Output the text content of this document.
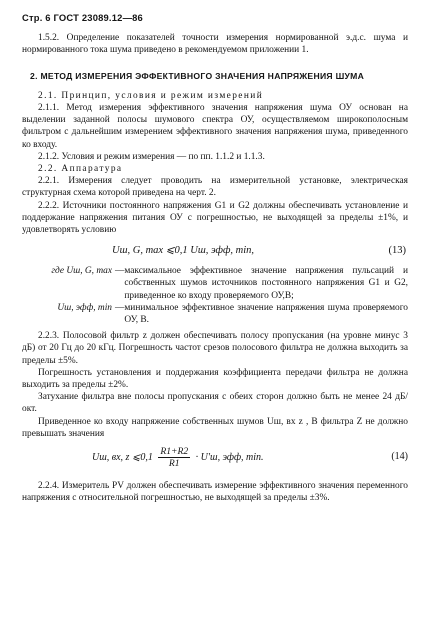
Стр. 6 ГОСТ 23089.12—86

1.5.2. Определение показателей точности измерения нормированной э.д.с. шума и нормированного тока шума приведено в рекомендуемом приложении 1.

2. МЕТОД ИЗМЕРЕНИЯ ЭФФЕКТИВНОГО ЗНАЧЕНИЯ НАПРЯЖЕНИЯ ШУМА

2.1. Принцип, условия и режим измерений

2.1.1. Метод измерения эффективного значения напряжения шума ОУ основан на выделении заданной полосы шумового спектра ОУ, осуществляемом широкополосным фильтром с дальнейшим измерением эффективного значения напряжения шума, приведенного ко входу.

2.1.2. Условия и режим измерения — по пп. 1.1.2 и 1.1.3.

2.2. Аппаратура

2.2.1. Измерения следует проводить на измерительной установке, электрическая структурная схема которой приведена на черт. 2.

2.2.2. Источники постоянного напряжения G1 и G2 должны обеспечивать установление и поддержание напряжения питания ОУ с погрешностью, не выходящей за пределы ±1%, и удовлетворять условию

Uш, G, max ⩽0,1 Uш, эфф, min,	(13)
где Uш, G, max	—	максимальное эффективное значение напряжения пульсаций и собственных шумов источников постоянного напряжения G1 и G2, приведенное ко входу проверяемого ОУ,В;
Uш, эфф, min	—	минимальное эффективное значение напряжения шума проверяемого ОУ, В.

2.2.3. Полосовой фильтр z должен обеспечивать полосу пропускания (на уровне минус 3 дБ) от 20 Гц до 20 кГц. Погрешность частот срезов полосового фильтра не должна выходить за пределы ±5%.

Погрешность установления и поддержания коэффициента передачи фильтра не должна выходить за пределы ±2%.

Затухание фильтра вне полосы пропускания с обеих сторон должно быть не менее 24 дБ/окт.

Приведенное ко входу напряжение собственных шумов Uш, вх z , В фильтра Z не должно превышать значения

Uш, вх, z ⩽0,1 $\frac{R1+R2}{R1} \cdot U'ш$, эфф, min.	(14)

2.2.4. Измеритель PV должен обеспечивать измерение эффективного значения переменного напряжения с относительной погрешностью, не выходящей за пределы ±3%.
